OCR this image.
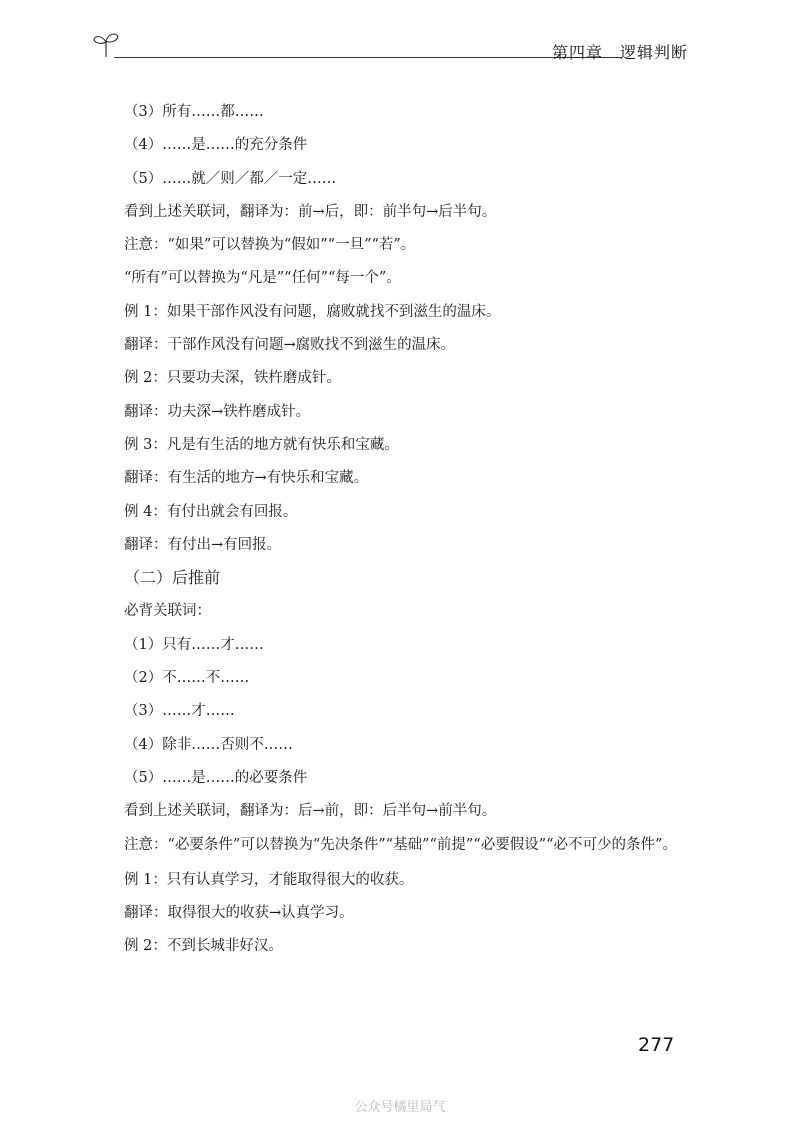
第四章　逻辑判断
（3）所有……都……
（4）……是……的充分条件
（5）……就／则／都／一定……
看到上述关联词，翻译为：前→后，即：前半句→后半句。
注意：“如果”可以替换为“假如”“一旦”“若”。
“所有”可以替换为“凡是”“任何”“每一个”。
例 1：如果干部作风没有问题，腐败就找不到滋生的温床。
翻译：干部作风没有问题→腐败找不到滋生的温床。
例 2：只要功夫深，铁杵磨成针。
翻译：功夫深→铁杵磨成针。
例 3：凡是有生活的地方就有快乐和宝藏。
翻译：有生活的地方→有快乐和宝藏。
例 4：有付出就会有回报。
翻译：有付出→有回报。
（二）后推前
必背关联词：
（1）只有……才……
（2）不……不……
（3）……才……
（4）除非……否则不……
（5）……是……的必要条件
看到上述关联词，翻译为：后→前，即：后半句→前半句。
注意：“必要条件”可以替换为“先决条件”“基础”“前提”“必要假设”“必不可少的条件”。
例 1：只有认真学习，才能取得很大的收获。
翻译：取得很大的收获→认真学习。
例 2：不到长城非好汉。
277
公众号橘里局气
